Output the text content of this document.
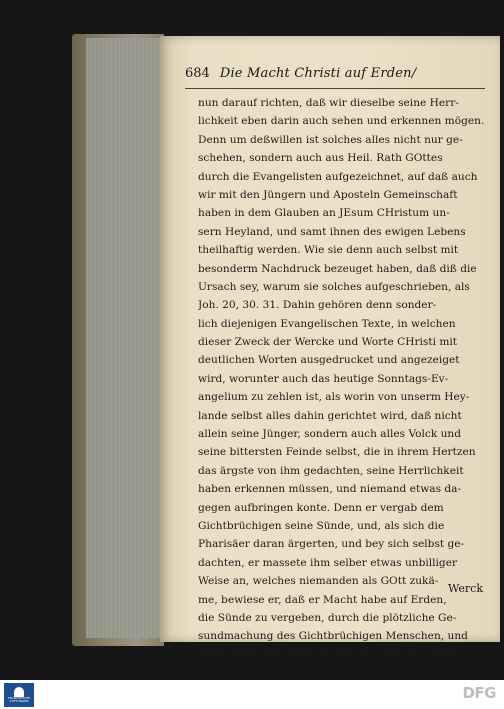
684 Die Macht Christi auf Erden/
nun darauf richten, daß wir dieselbe seine Herr-
lichkeit eben darin auch sehen und erkennen mögen.
Denn um deßwillen ist solches alles nicht nur ge-
schehen, sondern auch aus Heil. Rath GOttes
durch die Evangelisten aufgezeichnet, auf daß auch
wir mit den Jüngern und Aposteln Gemeinschaft
haben in dem Glauben an JEsum CHristum un-
sern Heyland, und samt ihnen des ewigen Lebens
theilhaftig werden. Wie sie denn auch selbst mit
besonderm Nachdruck bezeuget haben, daß diß die
Ursach sey, warum sie solches aufgeschrieben, als
Joh. 20, 30. 31. Dahin gehören denn sonder-
lich diejenigen Evangelischen Texte, in welchen
dieser Zweck der Wercke und Worte CHristi mit
deutlichen Worten ausgedrucket und angezeiget
wird, worunter auch das heutige Sonntags-Ev-
angelium zu zehlen ist, als worin von unserm Hey-
lande selbst alles dahin gerichtet wird, daß nicht
allein seine Jünger, sondern auch alles Volck und
seine bittersten Feinde selbst, die in ihrem Hertzen
das ärgste von ihm gedachten, seine Herrlichkeit
haben erkennen müssen, und niemand etwas da-
gegen aufbringen konte. Denn er vergab dem
Gichtbrüchigen seine Sünde, und, als sich die
Pharisäer daran ärgerten, und bey sich selbst ge-
dachten, er massete ihm selber etwas unbilliger
Weise an, welches niemanden als GOtt zukä-
me, bewiese er, daß er Macht habe auf Erden,
die Sünde zu vergeben, durch die plötzliche Ge-
sundmachung des Gichtbrüchigen Menschen, und
zwar dergestalt herrlich, daß in solchem seinem
Werck
FRANCKESCHE STIFTUNGEN	DFG
